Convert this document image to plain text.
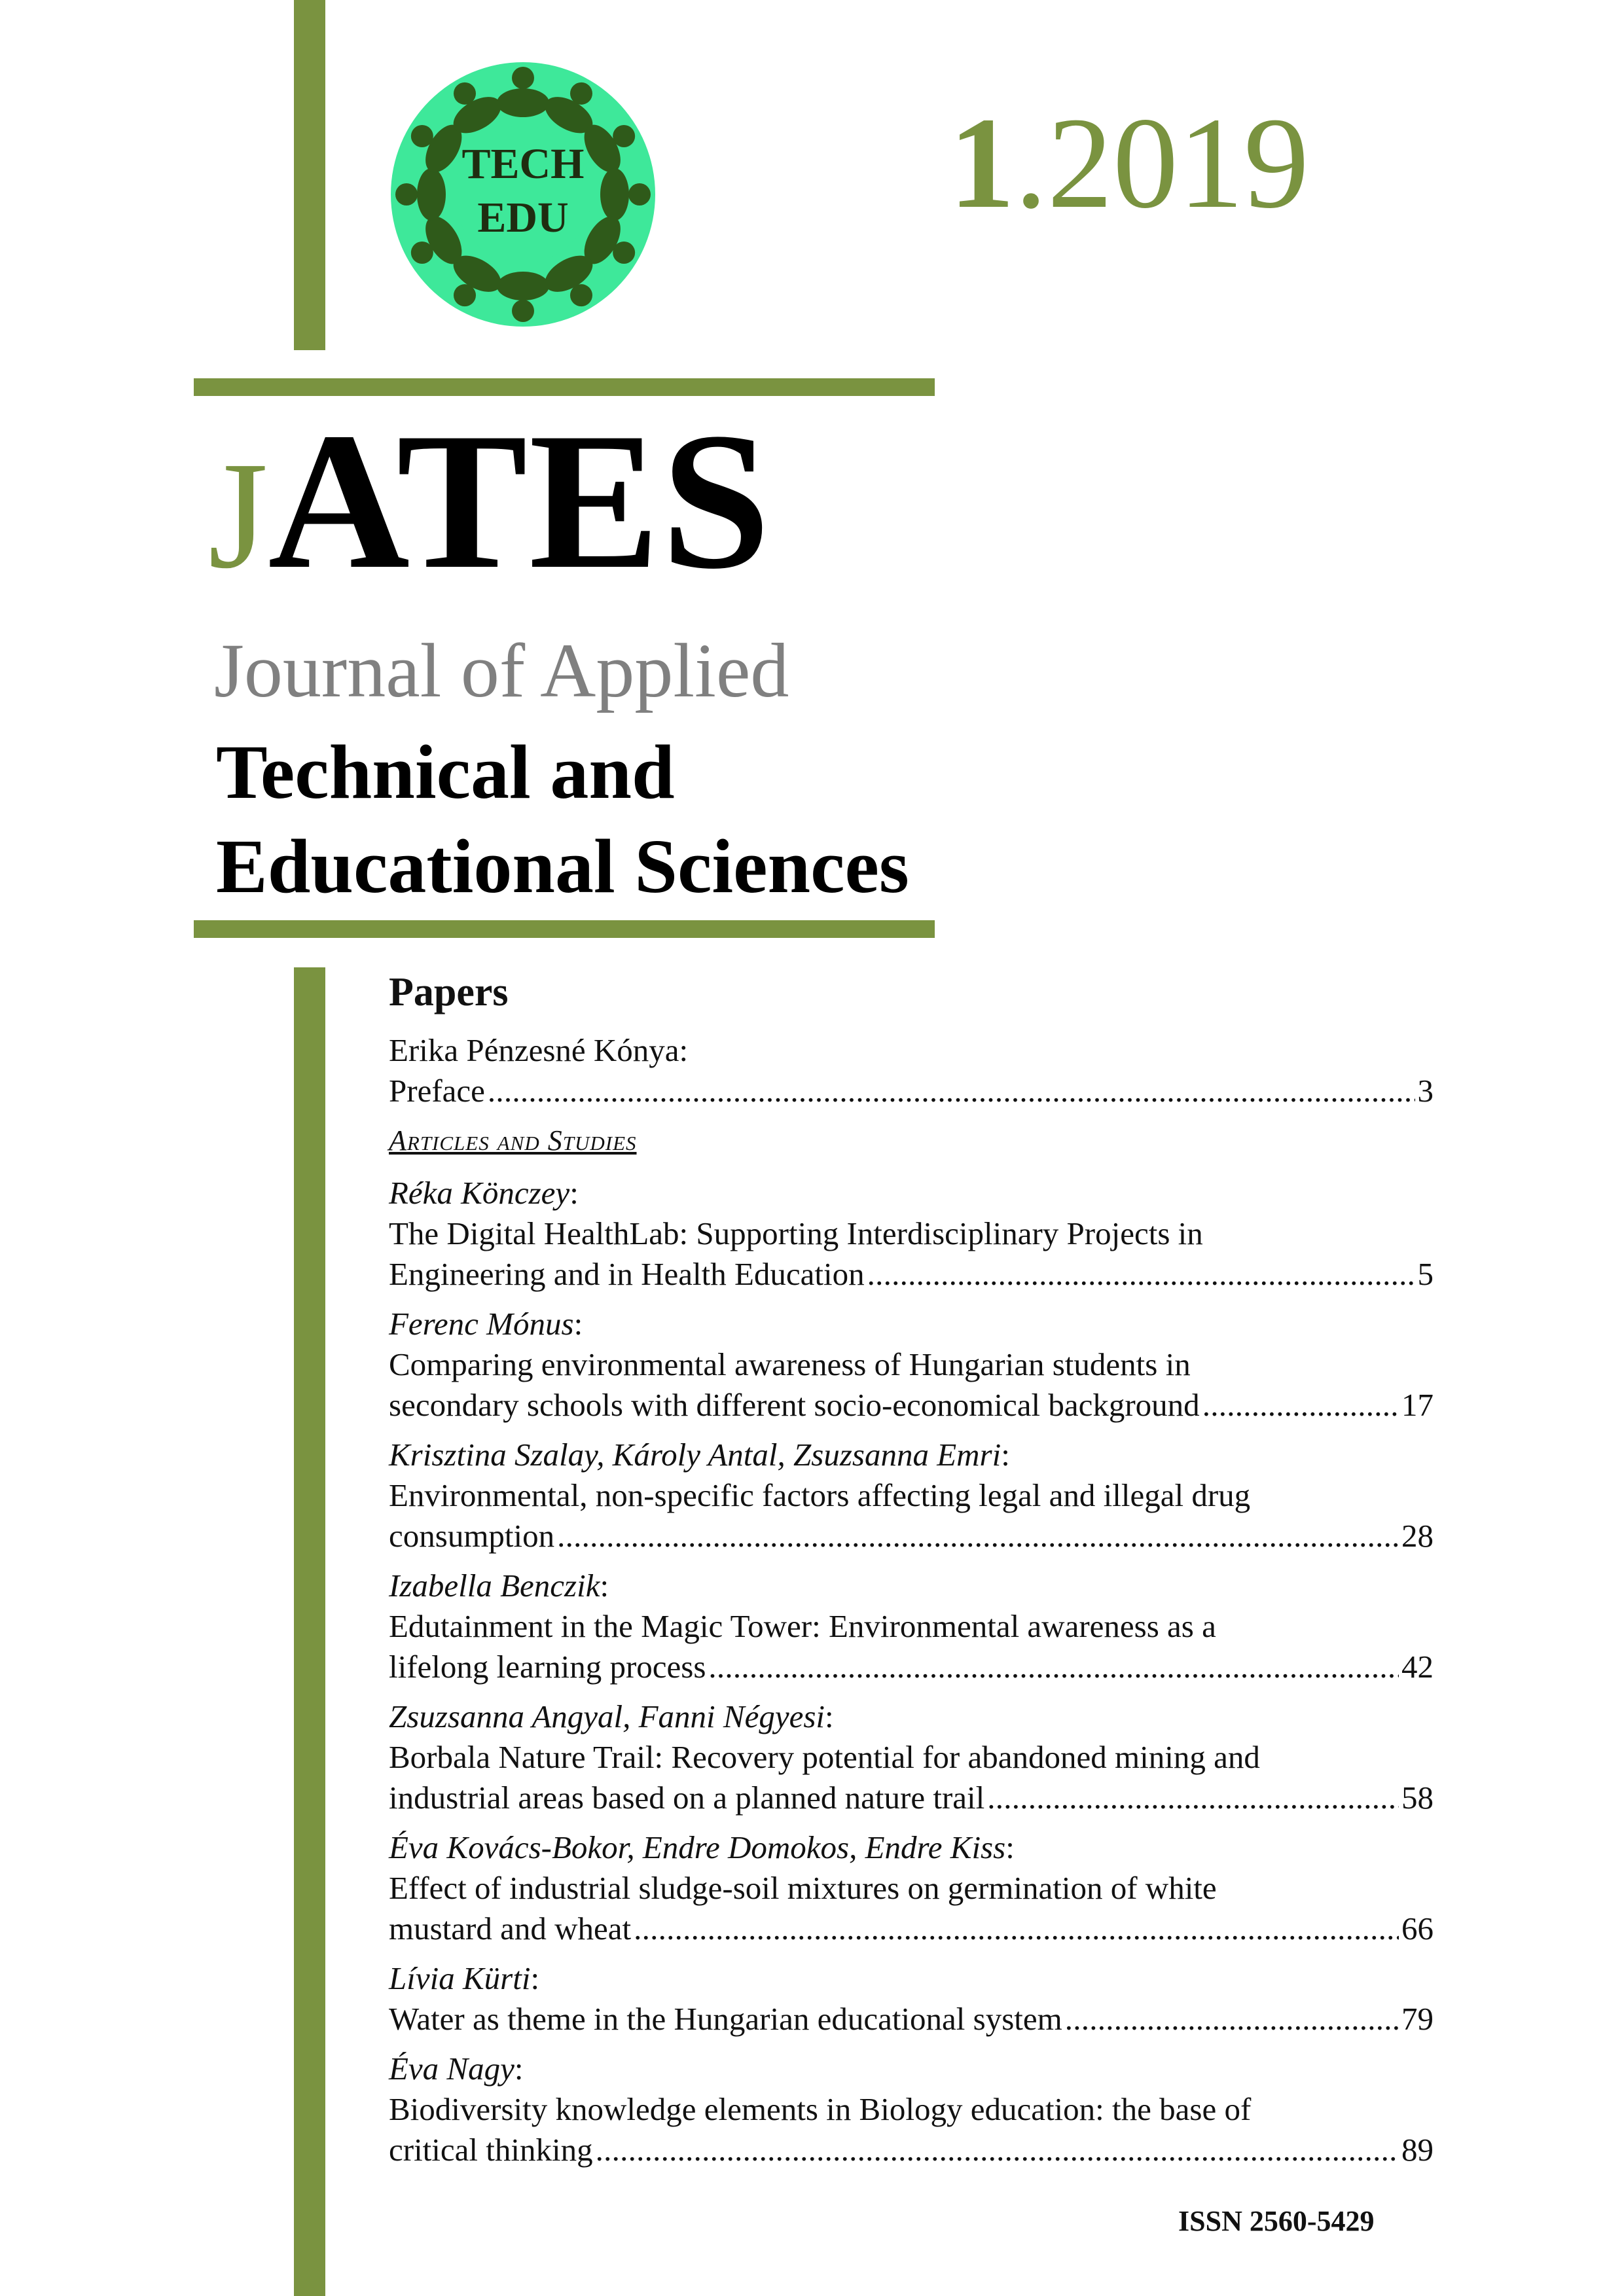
TECH
EDU	1.2019
JATES
Journal of Applied
Technical and
Educational Sciences
Papers
Erika Pénzesné Kónya:
Preface . . .	3
Articles and Studies
Réka Könczey:
The Digital HealthLab: Supporting Interdisciplinary Projects in
Engineering and in Health Education . . .	5
Ferenc Mónus:
Comparing environmental awareness of Hungarian students in
secondary schools with different socio-economical background . . .	17
Krisztina Szalay, Károly Antal, Zsuzsanna Emri:
Environmental, non-specific factors affecting legal and illegal drug
consumption . . .	28
Izabella Benczik:
Edutainment in the Magic Tower: Environmental awareness as a
lifelong learning process . . .	42
Zsuzsanna Angyal, Fanni Négyesi:
Borbala Nature Trail: Recovery potential for abandoned mining and
industrial areas based on a planned nature trail . . .	58
Éva Kovács-Bokor, Endre Domokos, Endre Kiss:
Effect of industrial sludge-soil mixtures on germination of white
mustard and wheat . . .	66
Lívia Kürti:
Water as theme in the Hungarian educational system . . .	79
Éva Nagy:
Biodiversity knowledge elements in Biology education: the base of
critical thinking . . .	89
ISSN 2560-5429
